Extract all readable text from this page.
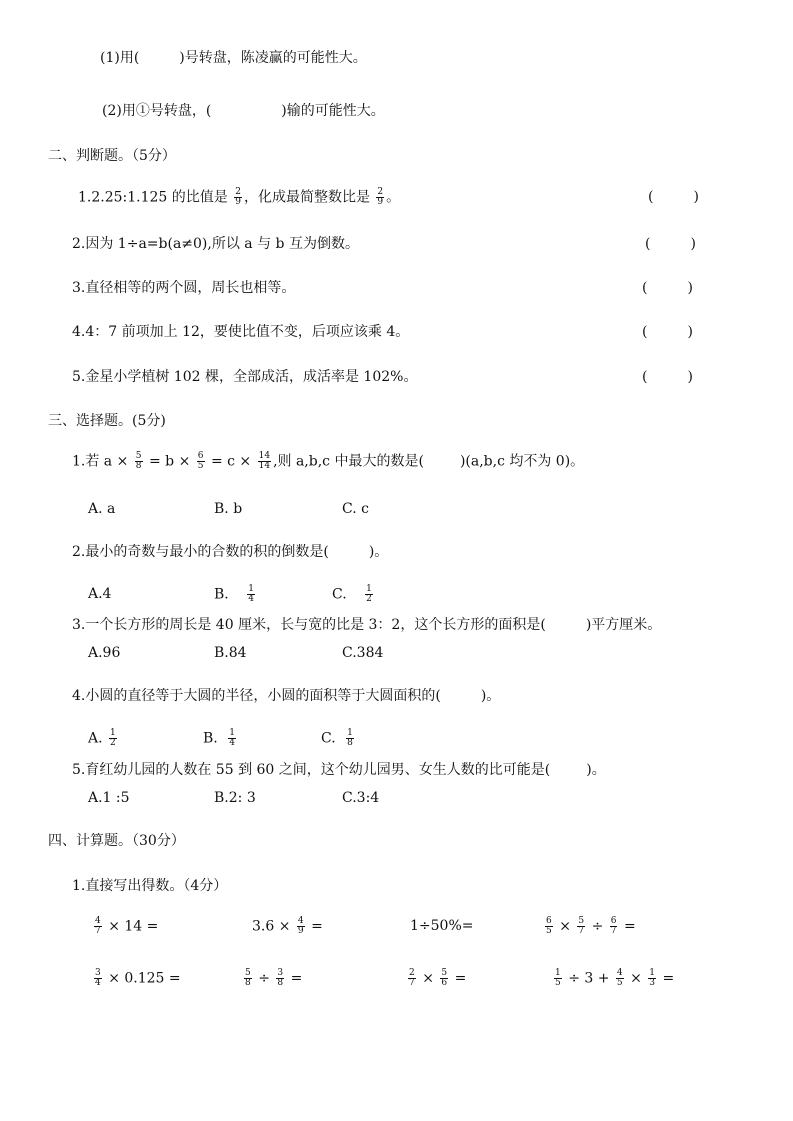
(1)用(	)号转盘，陈凌赢的可能性大。
(2)用①号转盘，(	)输的可能性大。
二、判断题。（5分）
1.2.25:1.125 的比值是 $\frac{2}{9}$ ，化成最简整数比是 $\frac{2}{9}$ 。	(	)
2.因为 1÷a=b(a≠0),所以 a 与 b 互为倒数。	(	)
3.直径相等的两个圆，周长也相等。	(	)
4.4：7 前项加上 12，要使比值不变，后项应该乘 4。	(	)
5.金星小学植树 102 棵，全部成活，成活率是 102%。	(	)
三、选择题。(5分)
1.若 $a \times \frac{5}{8} = b \times \frac{6}{5} = c \times \frac{14}{14}$ ,则 a,b,c 中最大的数是(	)(a,b,c 均不为 0)。
A. a	B. b	C. c
2.最小的奇数与最小的合数的积的倒数是(	)。
A.4	B. $\frac{1}{4}$	C. $\frac{1}{2}$
3.一个长方形的周长是 40 厘米，长与宽的比是 3：2，这个长方形的面积是(	)平方厘米。
A.96	B.84	C.384
4.小圆的直径等于大圆的半径，小圆的面积等于大圆面积的(	)。
A. $\frac{1}{2}$	B. $\frac{1}{4}$	C. $\frac{1}{8}$
5.育红幼儿园的人数在 55 到 60 之间，这个幼儿园男、女生人数的比可能是(	)。
A.1 :5	B.2: 3	C.3:4
四、计算题。（30分）
1.直接写出得数。（4分）
$\frac{4}{7} \times 14$ =	$3.6 \times \frac{4}{9}$ =	1÷50%=	$\frac{6}{5} \times \frac{5}{7} \div \frac{6}{7}$ =
$\frac{3}{4} \times 0.125$ =	$\frac{5}{8} \div \frac{3}{8}$ =	$\frac{2}{7} \times \frac{5}{6}$ =	$\frac{1}{5} \div 3 + \frac{4}{5} \times \frac{1}{3}$ =
